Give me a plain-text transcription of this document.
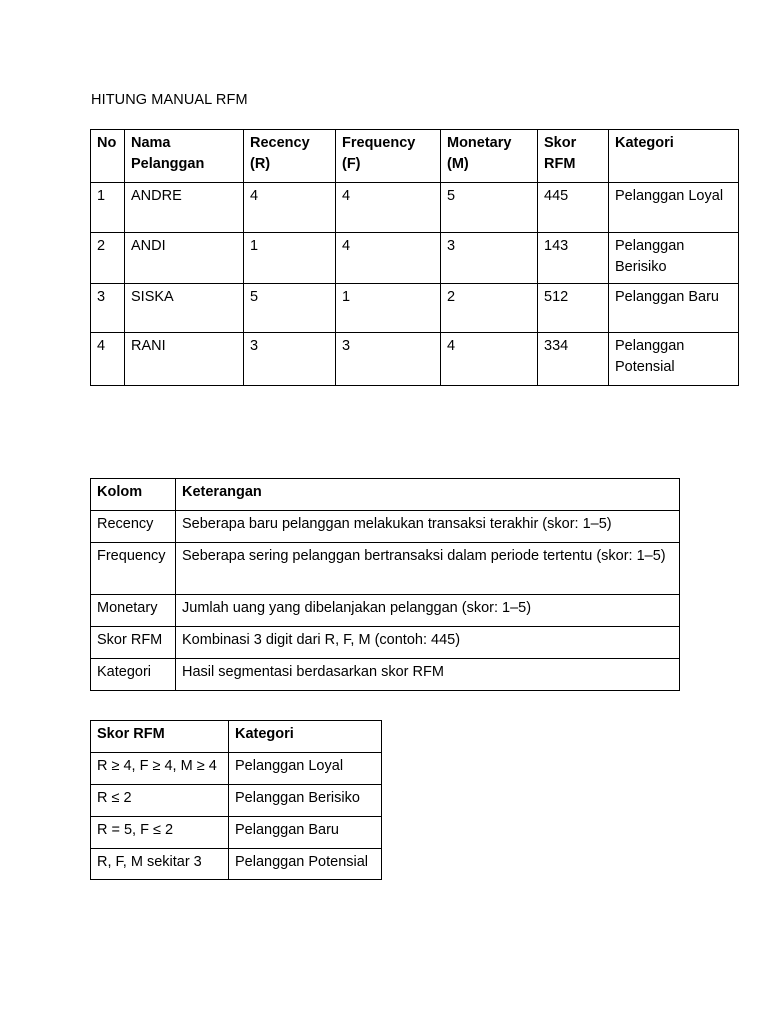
HITUNG MANUAL RFM
No	Nama Pelanggan	Recency (R)	Frequency (F)	Monetary (M)	Skor RFM	Kategori
1	ANDRE	4	4	5	445	Pelanggan Loyal
2	ANDI	1	4	3	143	Pelanggan Berisiko
3	SISKA	5	1	2	512	Pelanggan Baru
4	RANI	3	3	4	334	Pelanggan Potensial
Kolom	Keterangan
Recency	Seberapa baru pelanggan melakukan transaksi terakhir (skor: 1–5)
Frequency	Seberapa sering pelanggan bertransaksi dalam periode tertentu (skor: 1–5)
Monetary	Jumlah uang yang dibelanjakan pelanggan (skor: 1–5)
Skor RFM	Kombinasi 3 digit dari R, F, M (contoh: 445)
Kategori	Hasil segmentasi berdasarkan skor RFM
Skor RFM	Kategori
R ≥ 4, F ≥ 4, M ≥ 4	Pelanggan Loyal
R ≤ 2	Pelanggan Berisiko
R = 5, F ≤ 2	Pelanggan Baru
R, F, M sekitar 3	Pelanggan Potensial
